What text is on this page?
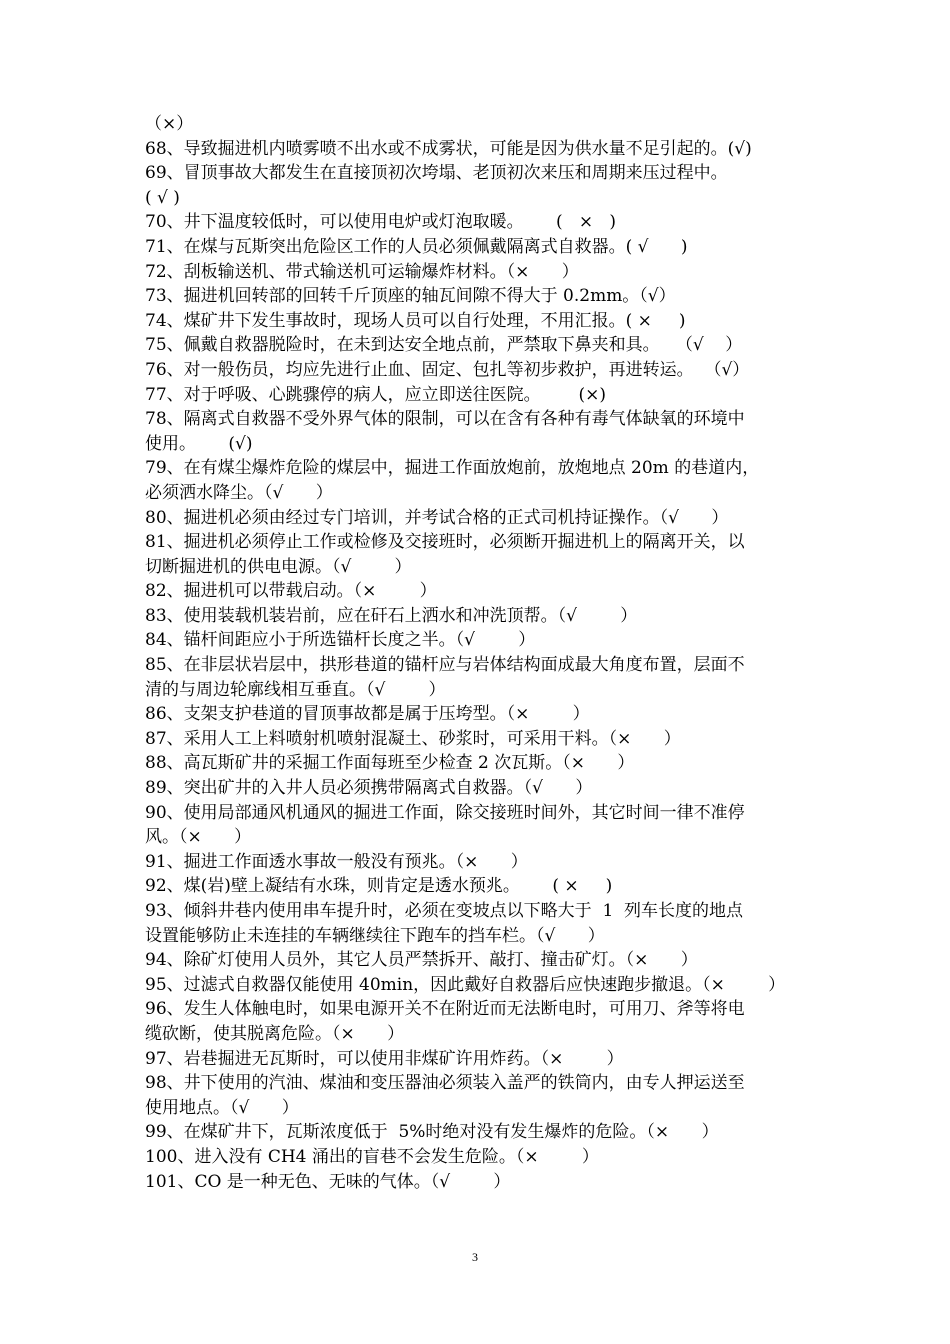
（×）
68、导致掘进机内喷雾喷不出水或不成雾状，可能是因为供水量不足引起的。(√)
69、冒顶事故大都发生在直接顶初次垮塌、老顶初次来压和周期来压过程中。
( √ )
70、井下温度较低时，可以使用电炉或灯泡取暖。      (   ×   )
71、在煤与瓦斯突出危险区工作的人员必须佩戴隔离式自救器。( √      )
72、刮板输送机、带式输送机可运输爆炸材料。（×      ）
73、掘进机回转部的回转千斤顶座的轴瓦间隙不得大于 0.2mm。（√）
74、煤矿井下发生事故时，现场人员可以自行处理，不用汇报。( ×     )
75、佩戴自救器脱险时，在未到达安全地点前，严禁取下鼻夹和具。   （√    ）
76、对一般伤员，均应先进行止血、固定、包扎等初步救护，再进转运。  （√）
77、对于呼吸、心跳骤停的病人，应立即送往医院。       (×)
78、隔离式自救器不受外界气体的限制，可以在含有各种有毒气体缺氧的环境中
使用。      (√)
79、在有煤尘爆炸危险的煤层中，掘进工作面放炮前，放炮地点 20m 的巷道内，
必须洒水降尘。（√      ）
80、掘进机必须由经过专门培训，并考试合格的正式司机持证操作。（√      ）
81、掘进机必须停止工作或检修及交接班时，必须断开掘进机上的隔离开关，以
切断掘进机的供电电源。（√        ）
82、掘进机可以带载启动。（×        ）
83、使用装载机装岩前，应在矸石上洒水和冲洗顶帮。（√        ）
84、锚杆间距应小于所选锚杆长度之半。（√        ）
85、在非层状岩层中，拱形巷道的锚杆应与岩体结构面成最大角度布置，层面不
清的与周边轮廓线相互垂直。（√        ）
86、支架支护巷道的冒顶事故都是属于压垮型。（×        ）
87、采用人工上料喷射机喷射混凝土、砂浆时，可采用干料。（×      ）
88、高瓦斯矿井的采掘工作面每班至少检查 2 次瓦斯。（×      ）
89、突出矿井的入井人员必须携带隔离式自救器。（√      ）
90、使用局部通风机通风的掘进工作面，除交接班时间外，其它时间一律不准停
风。（×      ）
91、掘进工作面透水事故一般没有预兆。（×      ）
92、煤(岩)壁上凝结有水珠，则肯定是透水预兆。      ( ×     )
93、倾斜井巷内使用串车提升时，必须在变坡点以下略大于  1  列车长度的地点
设置能够防止未连挂的车辆继续往下跑车的挡车栏。（√      ）
94、除矿灯使用人员外，其它人员严禁拆开、敲打、撞击矿灯。（×      ）
95、过滤式自救器仅能使用 40min，因此戴好自救器后应快速跑步撤退。（×        ）
96、发生人体触电时，如果电源开关不在附近而无法断电时，可用刀、斧等将电
缆砍断，使其脱离危险。（×      ）
97、岩巷掘进无瓦斯时，可以使用非煤矿许用炸药。（×        ）
98、井下使用的汽油、煤油和变压器油必须装入盖严的铁筒内，由专人押运送至
使用地点。（√      ）
99、在煤矿井下，瓦斯浓度低于  5%时绝对没有发生爆炸的危险。（×      ）
100、进入没有 CH4 涌出的盲巷不会发生危险。（×        ）
101、CO 是一种无色、无味的气体。（√        ）
3
